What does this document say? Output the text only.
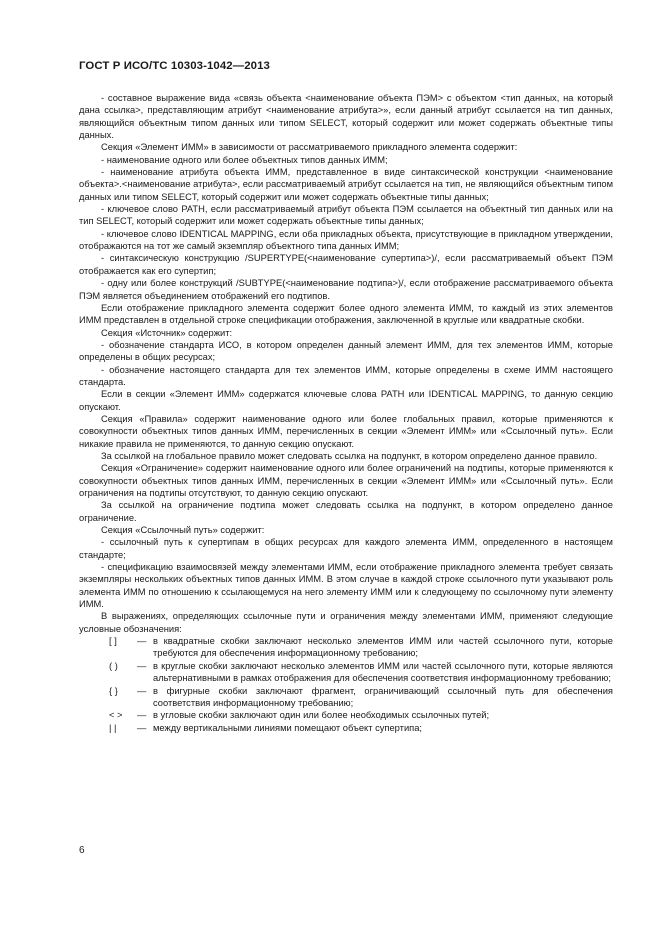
ГОСТ Р ИСО/ТС 10303-1042—2013

- составное выражение вида «связь объекта <наименование объекта ПЭМ> с объектом <тип данных, на который дана ссылка>, представляющим атрибут <наименование атрибута>», если данный атрибут ссылается на тип данных, являющийся объектным типом данных или типом SELECT, который содержит или может содержать объектные типы данных.

Секция «Элемент ИММ» в зависимости от рассматриваемого прикладного элемента содержит:

- наименование одного или более объектных типов данных ИММ;

- наименование атрибута объекта ИММ, представленное в виде синтаксической конструкции <наименование объекта>.<наименование атрибута>, если рассматриваемый атрибут ссылается на тип, не являющийся объектным типом данных или типом SELECT, который содержит или может содержать объектные типы данных;

- ключевое слово PATH, если рассматриваемый атрибут объекта ПЭМ ссылается на объектный тип данных или на тип SELECT, который содержит или может содержать объектные типы данных;

- ключевое слово IDENTICAL MAPPING, если оба прикладных объекта, присутствующие в прикладном утверждении, отображаются на тот же самый экземпляр объектного типа данных ИММ;

- синтаксическую конструкцию /SUPERTYPE(<наименование супертипа>)/, если рассматриваемый объект ПЭМ отображается как его супертип;

- одну или более конструкций /SUBTYPE(<наименование подтипа>)/, если отображение рассматриваемого объекта ПЭМ является объединением отображений его подтипов.

Если отображение прикладного элемента содержит более одного элемента ИММ, то каждый из этих элементов ИММ представлен в отдельной строке спецификации отображения, заключенной в круглые или квадратные скобки.

Секция «Источник» содержит:

- обозначение стандарта ИСО, в котором определен данный элемент ИММ, для тех элементов ИММ, которые определены в общих ресурсах;

- обозначение настоящего стандарта для тех элементов ИММ, которые определены в схеме ИММ настоящего стандарта.

Если в секции «Элемент ИММ» содержатся ключевые слова PATH или IDENTICAL MAPPING, то данную секцию опускают.

Секция «Правила» содержит наименование одного или более глобальных правил, которые применяются к совокупности объектных типов данных ИММ, перечисленных в секции «Элемент ИММ» или «Ссылочный путь». Если никакие правила не применяются, то данную секцию опускают.

За ссылкой на глобальное правило может следовать ссылка на подпункт, в котором определено данное правило.

Секция «Ограничение» содержит наименование одного или более ограничений на подтипы, которые применяются к совокупности объектных типов данных ИММ, перечисленных в секции «Элемент ИММ» или «Ссылочный путь». Если ограничения на подтипы отсутствуют, то данную секцию опускают.

За ссылкой на ограничение подтипа может следовать ссылка на подпункт, в котором определено данное ограничение.

Секция «Ссылочный путь» содержит:

- ссылочный путь к супертипам в общих ресурсах для каждого элемента ИММ, определенного в настоящем стандарте;

- спецификацию взаимосвязей между элементами ИММ, если отображение прикладного элемента требует связать экземпляры нескольких объектных типов данных ИММ. В этом случае в каждой строке ссылочного пути указывают роль элемента ИММ по отношению к ссылающемуся на него элементу ИММ или к следующему по ссылочному пути элементу ИММ.

В выражениях, определяющих ссылочные пути и ограничения между элементами ИММ, применяют следующие условные обозначения:

[ ]	— в квадратные скобки заключают несколько элементов ИММ или частей ссылочного пути, которые требуются для обеспечения информационному требованию;
( )	— в круглые скобки заключают несколько элементов ИММ или частей ссылочного пути, которые являются альтернативными в рамках отображения для обеспечения соответствия информационному требованию;
{ }	— в фигурные скобки заключают фрагмент, ограничивающий ссылочный путь для обеспечения соответствия информационному требованию;
< >	— в угловые скобки заключают один или более необходимых ссылочных путей;
| |	— между вертикальными линиями помещают объект супертипа;
6
